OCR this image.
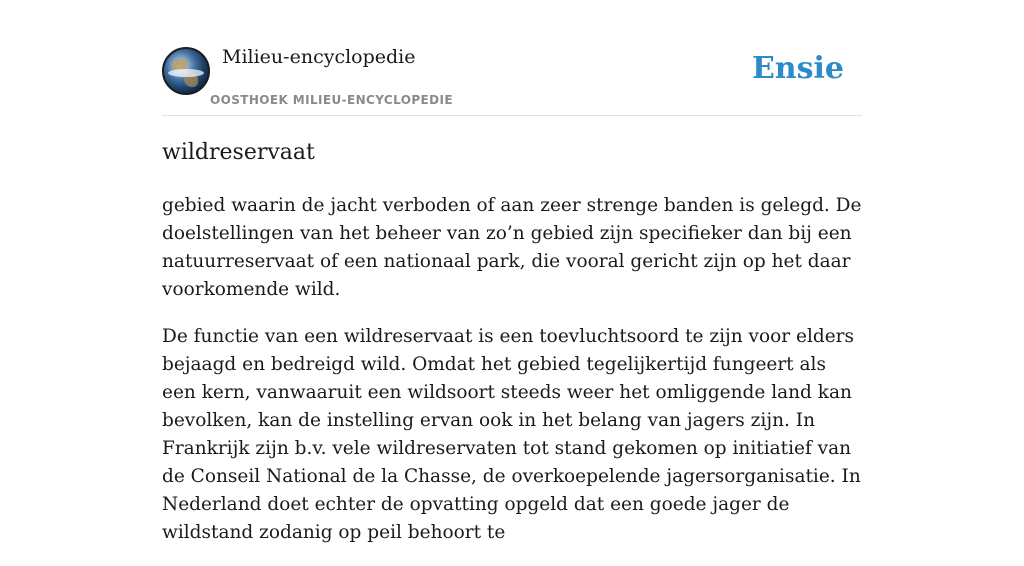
Milieu-encyclopedie
OOSTHOEK MILIEU-ENCYCLOPEDIE
Ensie
wildreservaat

gebied waarin de jacht verboden of aan zeer strenge banden is gelegd. De doelstellingen van het beheer van zo’n gebied zijn specifieker dan bij een natuurreservaat of een nationaal park, die vooral gericht zijn op het daar voorkomende wild.

De functie van een wildreservaat is een toevluchtsoord te zijn voor elders bejaagd en bedreigd wild. Omdat het gebied tegelijkertijd fungeert als een kern, vanwaaruit een wildsoort steeds weer het omliggende land kan bevolken, kan de instelling ervan ook in het belang van jagers zijn. In Frankrijk zijn b.v. vele wildreservaten tot stand gekomen op initiatief van de Conseil National de la Chasse, de overkoepelende jagersorganisatie. In Nederland doet echter de opvatting opgeld dat een goede jager de wildstand zodanig op peil behoort te
